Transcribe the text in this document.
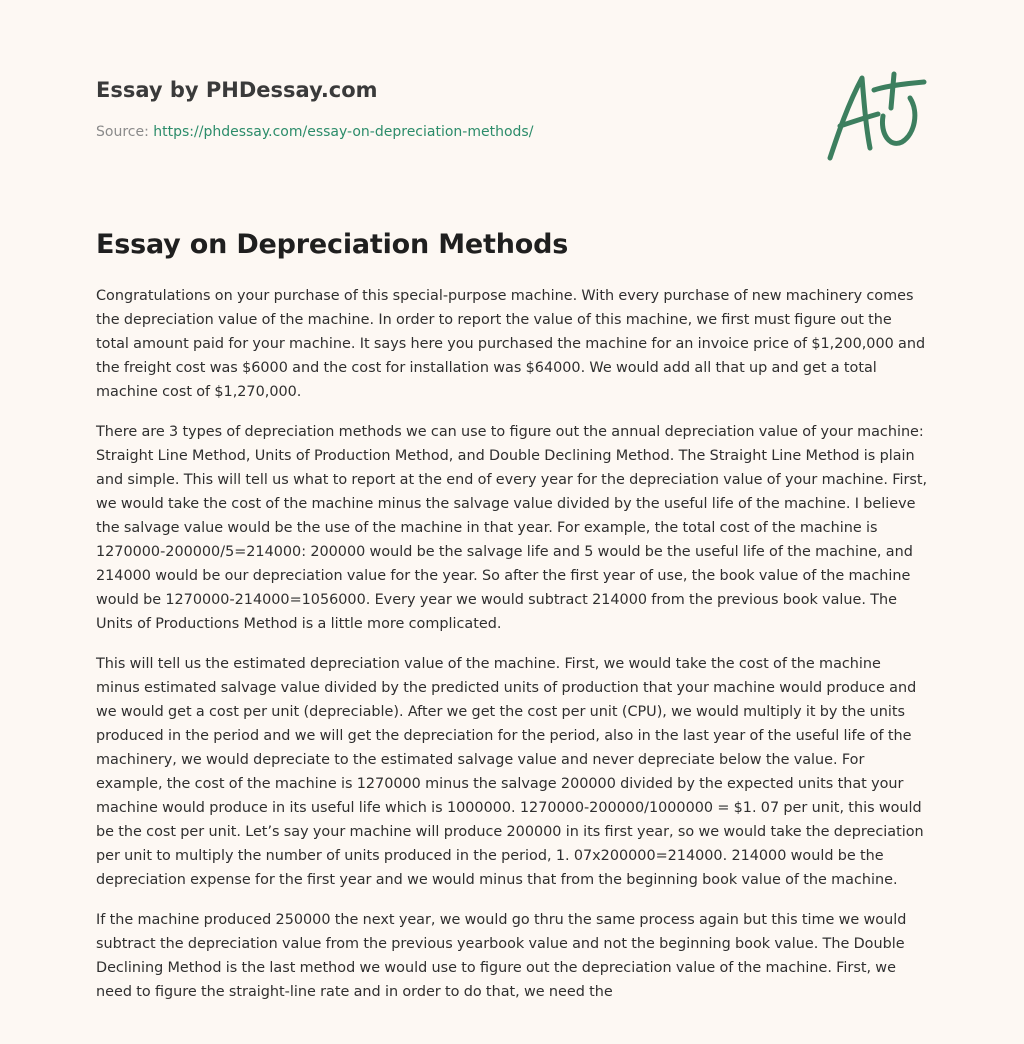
Essay by PHDessay.com
Source: https://phdessay.com/essay-on-depreciation-methods/
Essay on Depreciation Methods

Congratulations on your purchase of this special-purpose machine. With every purchase of new machinery comes the depreciation value of the machine. In order to report the value of this machine, we first must figure out the total amount paid for your machine. It says here you purchased the machine for an invoice price of $1,200,000 and the freight cost was $6000 and the cost for installation was $64000. We would add all that up and get a total machine cost of $1,270,000.

There are 3 types of depreciation methods we can use to figure out the annual depreciation value of your machine: Straight Line Method, Units of Production Method, and Double Declining Method. The Straight Line Method is plain and simple. This will tell us what to report at the end of every year for the depreciation value of your machine. First, we would take the cost of the machine minus the salvage value divided by the useful life of the machine. I believe the salvage value would be the use of the machine in that year. For example, the total cost of the machine is 1270000-200000/5=214000: 200000 would be the salvage life and 5 would be the useful life of the machine, and 214000 would be our depreciation value for the year. So after the first year of use, the book value of the machine would be 1270000-214000=1056000. Every year we would subtract 214000 from the previous book value. The Units of Productions Method is a little more complicated.

This will tell us the estimated depreciation value of the machine. First, we would take the cost of the machine minus estimated salvage value divided by the predicted units of production that your machine would produce and we would get a cost per unit (depreciable). After we get the cost per unit (CPU), we would multiply it by the units produced in the period and we will get the depreciation for the period, also in the last year of the useful life of the machinery, we would depreciate to the estimated salvage value and never depreciate below the value. For example, the cost of the machine is 1270000 minus the salvage 200000 divided by the expected units that your machine would produce in its useful life which is 1000000. 1270000-200000/1000000 = $1. 07 per unit, this would be the cost per unit. Let’s say your machine will produce 200000 in its first year, so we would take the depreciation per unit to multiply the number of units produced in the period, 1. 07x200000=214000. 214000 would be the depreciation expense for the first year and we would minus that from the beginning book value of the machine.

If the machine produced 250000 the next year, we would go thru the same process again but this time we would subtract the depreciation value from the previous yearbook value and not the beginning book value. The Double Declining Method is the last method we would use to figure out the depreciation value of the machine. First, we need to figure the straight-line rate and in order to do that, we need the
